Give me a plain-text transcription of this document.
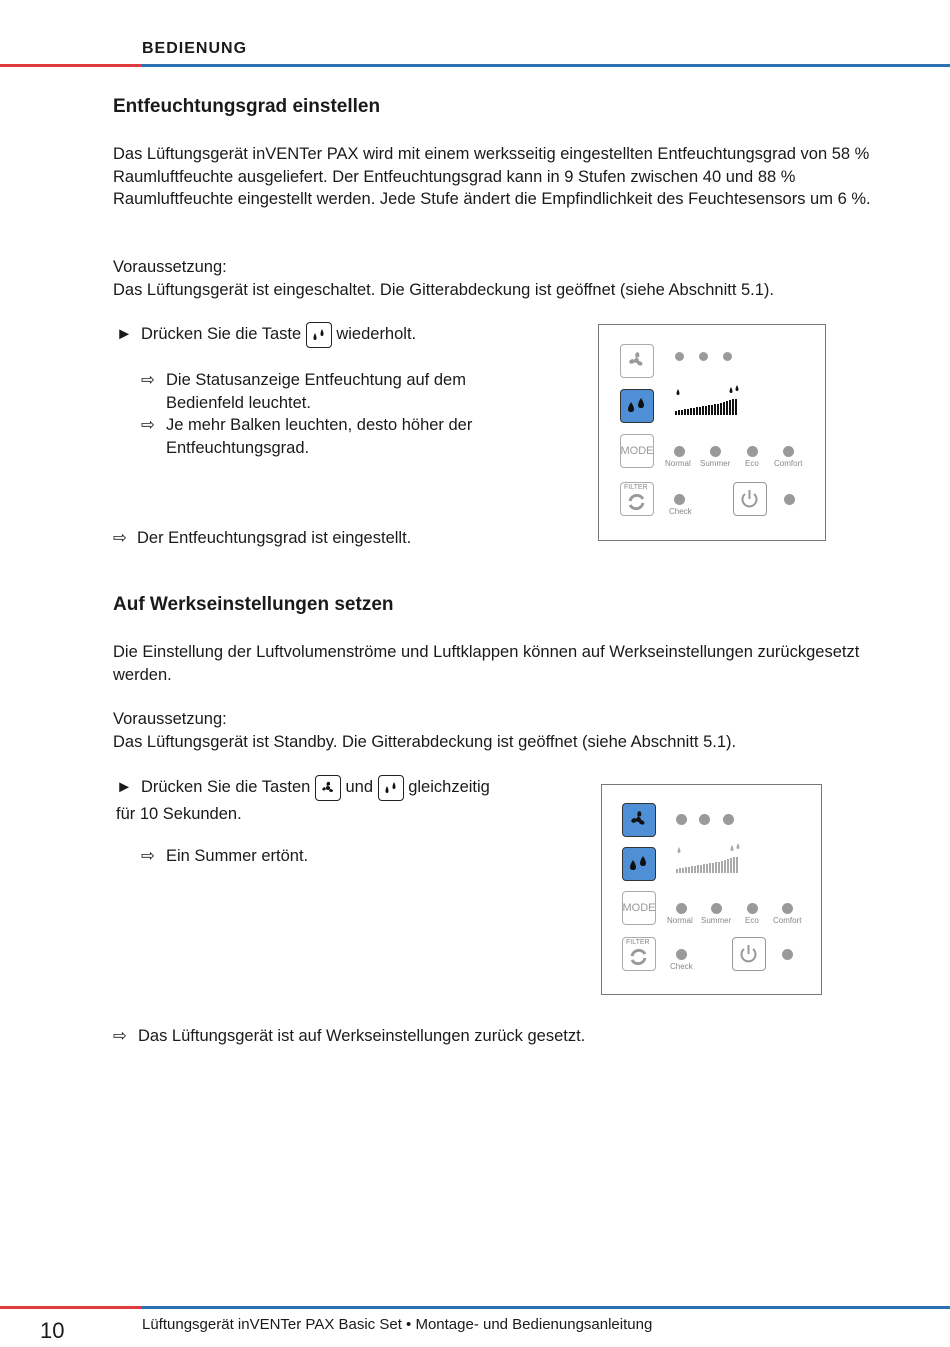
BEDIENUNG
Entfeuchtungsgrad einstellen

Das Lüftungsgerät inVENTer PAX wird mit einem werksseitig eingestellten Entfeuchtungsgrad von 58 % Raumluftfeuchte ausgeliefert. Der Entfeuchtungsgrad kann in 9 Stufen zwischen 40 und 88 % Raumluftfeuchte eingestellt werden. Jede Stufe ändert die Empfindlichkeit des Feuchtesensors um 6 %.

Voraussetzung:

Das Lüftungsgerät ist eingeschaltet. Die Gitterabdeckung ist geöffnet (siehe Abschnitt 5.1).

► Drücken Sie die Taste wiederholt.
⇨ Die Statusanzeige Entfeuchtung auf dem Bedienfeld leuchtet.

⇨ Je mehr Balken leuchten, desto höher der Entfeuchtungsgrad.

⇨ Der Entfeuchtungsgrad ist eingestellt.

MODE
Normal Summer Eco Comfort
FILTER
Check
Auf Werkseinstellungen setzen

Die Einstellung der Luftvolumenströme und Luftklappen können auf Werkseinstellungen zurückgesetzt werden.

Voraussetzung:

Das Lüftungsgerät ist Standby. Die Gitterabdeckung ist geöffnet (siehe Abschnitt 5.1).

► Drücken Sie die Tasten und gleichzeitig für 10 Sekunden.
⇨ Ein Summer ertönt.

⇨ Das Lüftungsgerät ist auf Werkseinstellungen zurück gesetzt.

MODE
Normal Summer Eco Comfort
FILTER
Check
10	Lüftungsgerät inVENTer PAX Basic Set • Montage- und Bedienungsanleitung
